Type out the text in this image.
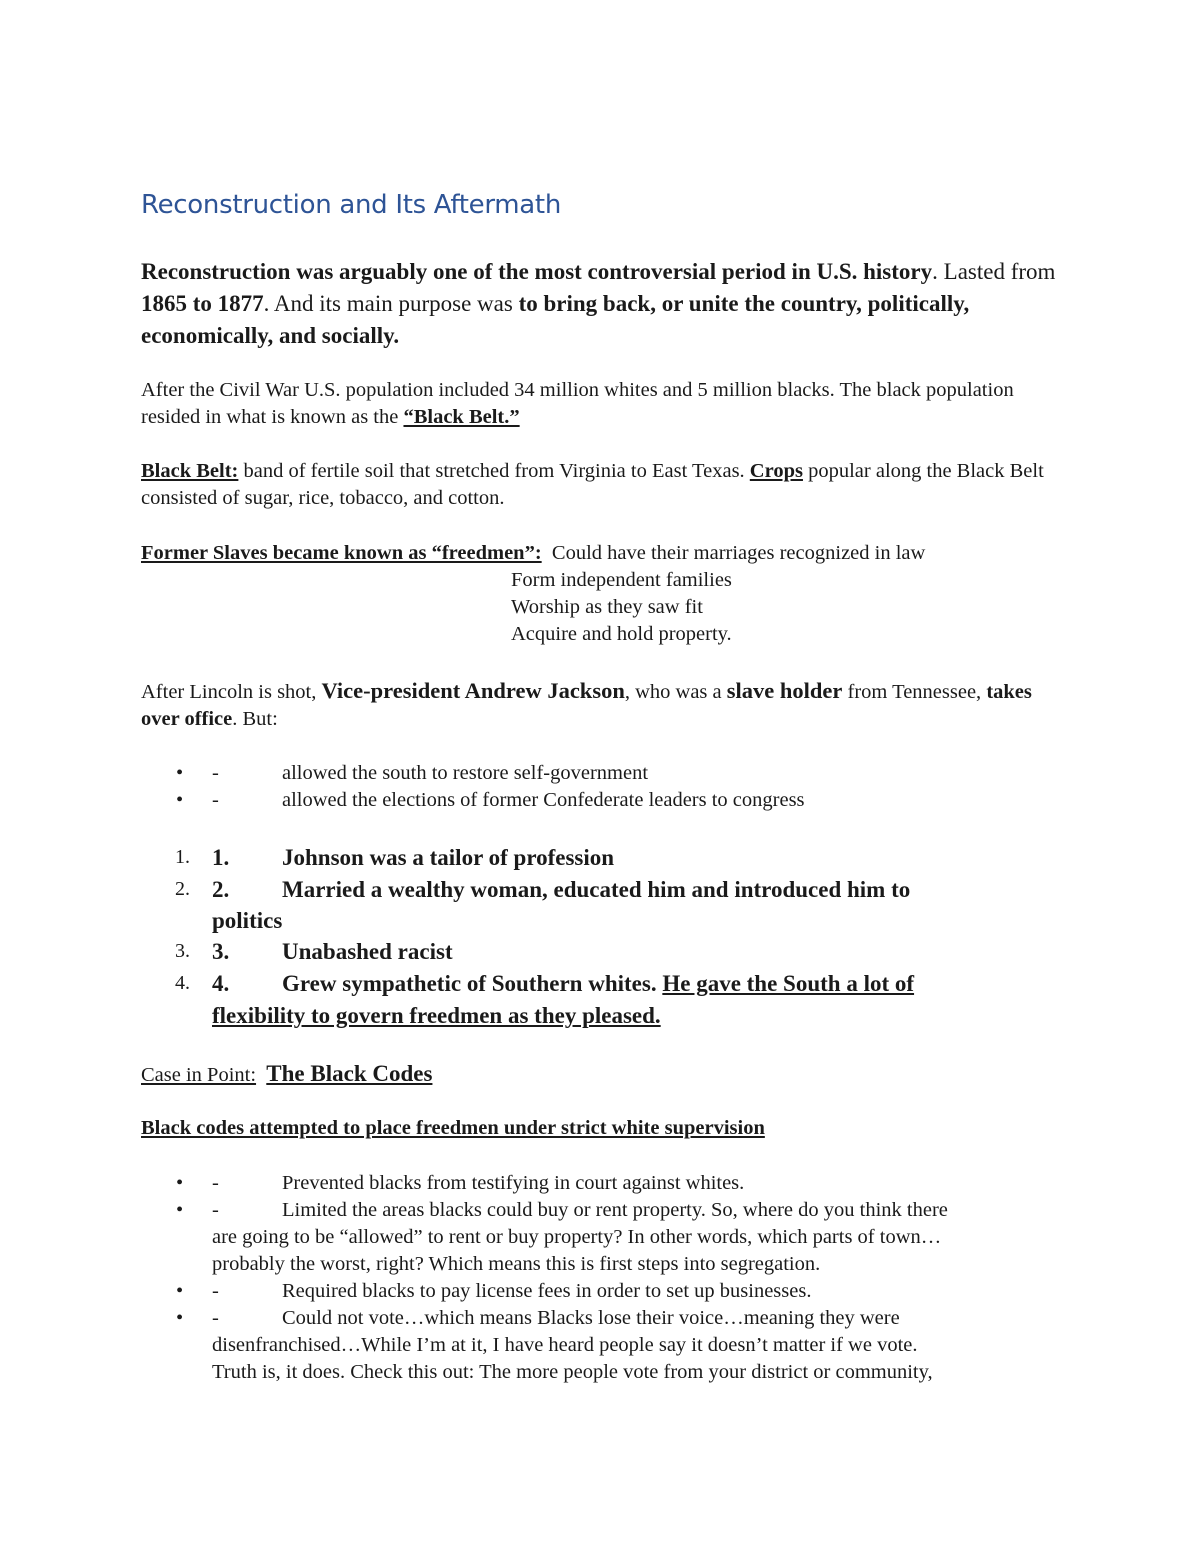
Reconstruction and Its Aftermath
Reconstruction was arguably one of the most controversial period in U.S. history. Lasted from 1865 to 1877. And its main purpose was to bring back, or unite the country, politically, economically, and socially.
After the Civil War U.S. population included 34 million whites and 5 million blacks. The black population resided in what is known as the “Black Belt.”
Black Belt: band of fertile soil that stretched from Virginia to East Texas. Crops popular along the Black Belt consisted of sugar, rice, tobacco, and cotton.
Former Slaves became known as “freedmen”: Could have their marriages recognized in law
Form independent families
Worship as they saw fit
Acquire and hold property.
After Lincoln is shot, Vice-president Andrew Jackson, who was a slave holder from Tennessee, takes over office. But:
• -	allowed the south to restore self-government
• -	allowed the elections of former Confederate leaders to congress
1. 1. Johnson was a tailor of profession
2. 2. Married a wealthy woman, educated him and introduced him to
politics
3. 3. Unabashed racist
4. 4. Grew sympathetic of Southern whites. He gave the South a lot of
flexibility to govern freedmen as they pleased.
Case in Point: The Black Codes
Black codes attempted to place freedmen under strict white supervision
• -	Prevented blacks from testifying in court against whites.
• -	Limited the areas blacks could buy or rent property. So, where do you think there
are going to be “allowed” to rent or buy property? In other words, which parts of town…
probably the worst, right? Which means this is first steps into segregation.
• -	Required blacks to pay license fees in order to set up businesses.
• -	Could not vote…which means Blacks lose their voice…meaning they were
disenfranchised…While I’m at it, I have heard people say it doesn’t matter if we vote.
Truth is, it does. Check this out: The more people vote from your district or community,
